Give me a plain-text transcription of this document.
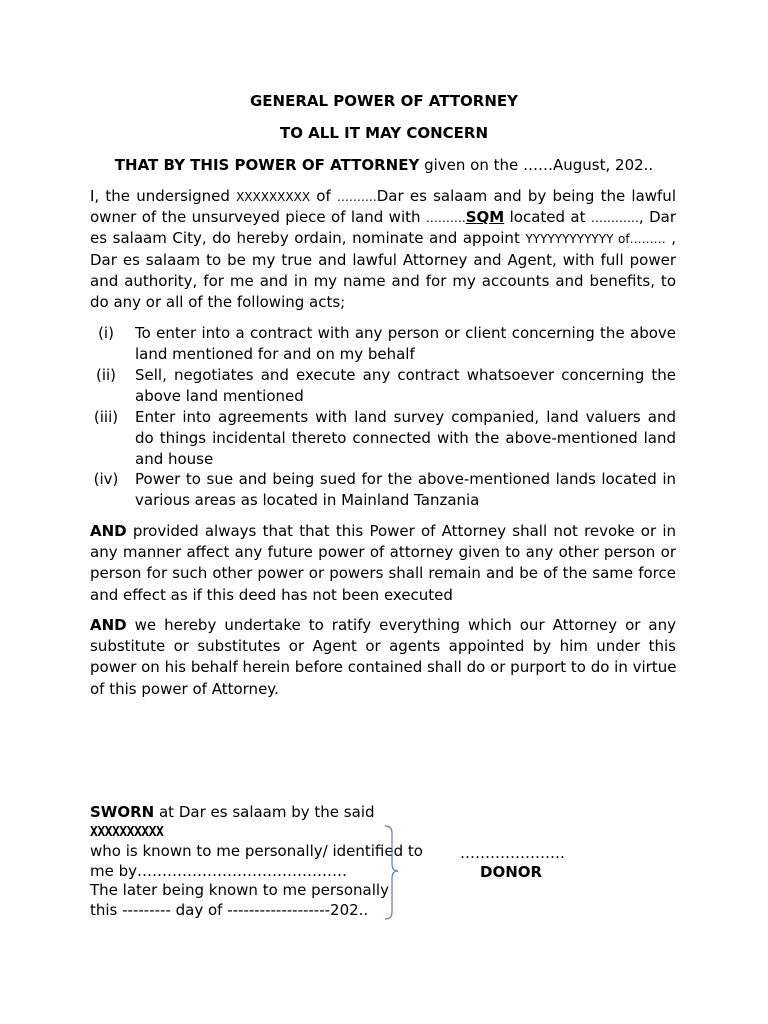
GENERAL POWER OF ATTORNEY
TO ALL IT MAY CONCERN
THAT BY THIS POWER OF ATTORNEY given on the ……August, 202..
I, the undersigned XXXXXXXXX of ……….Dar es salaam and by being the lawful
owner of the unsurveyed piece of land with ……….SQM located at …………, Dar
es salaam City, do hereby ordain, nominate and appoint YYYYYYYYYYYY of……… ,
Dar es salaam to be my true and lawful Attorney and Agent, with full power
and authority, for me and in my name and for my accounts and benefits, to
do any or all of the following acts;
(i)	To enter into a contract with any person or client concerning the above
land mentioned for and on my behalf
(ii)	Sell, negotiates and execute any contract whatsoever concerning the
above land mentioned
(iii)	Enter into agreements with land survey companied, land valuers and
do things incidental thereto connected with the above-mentioned land
and house
(iv)	Power to sue and being sued for the above-mentioned lands located in
various areas as located in Mainland Tanzania
AND provided always that that this Power of Attorney shall not revoke or in
any manner affect any future power of attorney given to any other person or
person for such other power or powers shall remain and be of the same force
and effect as if this deed has not been executed
AND we hereby undertake to ratify everything which our Attorney or any
substitute or substitutes or Agent or agents appointed by him under this
power on his behalf herein before contained shall do or purport to do in virtue
of this power of Attorney.
SWORN at Dar es salaam by the said
XXXXXXXXXX
who is known to me personally/ identified to
me by……………………………………
The later being known to me personally
this --------- day of -------------------202..
…………………
DONOR
